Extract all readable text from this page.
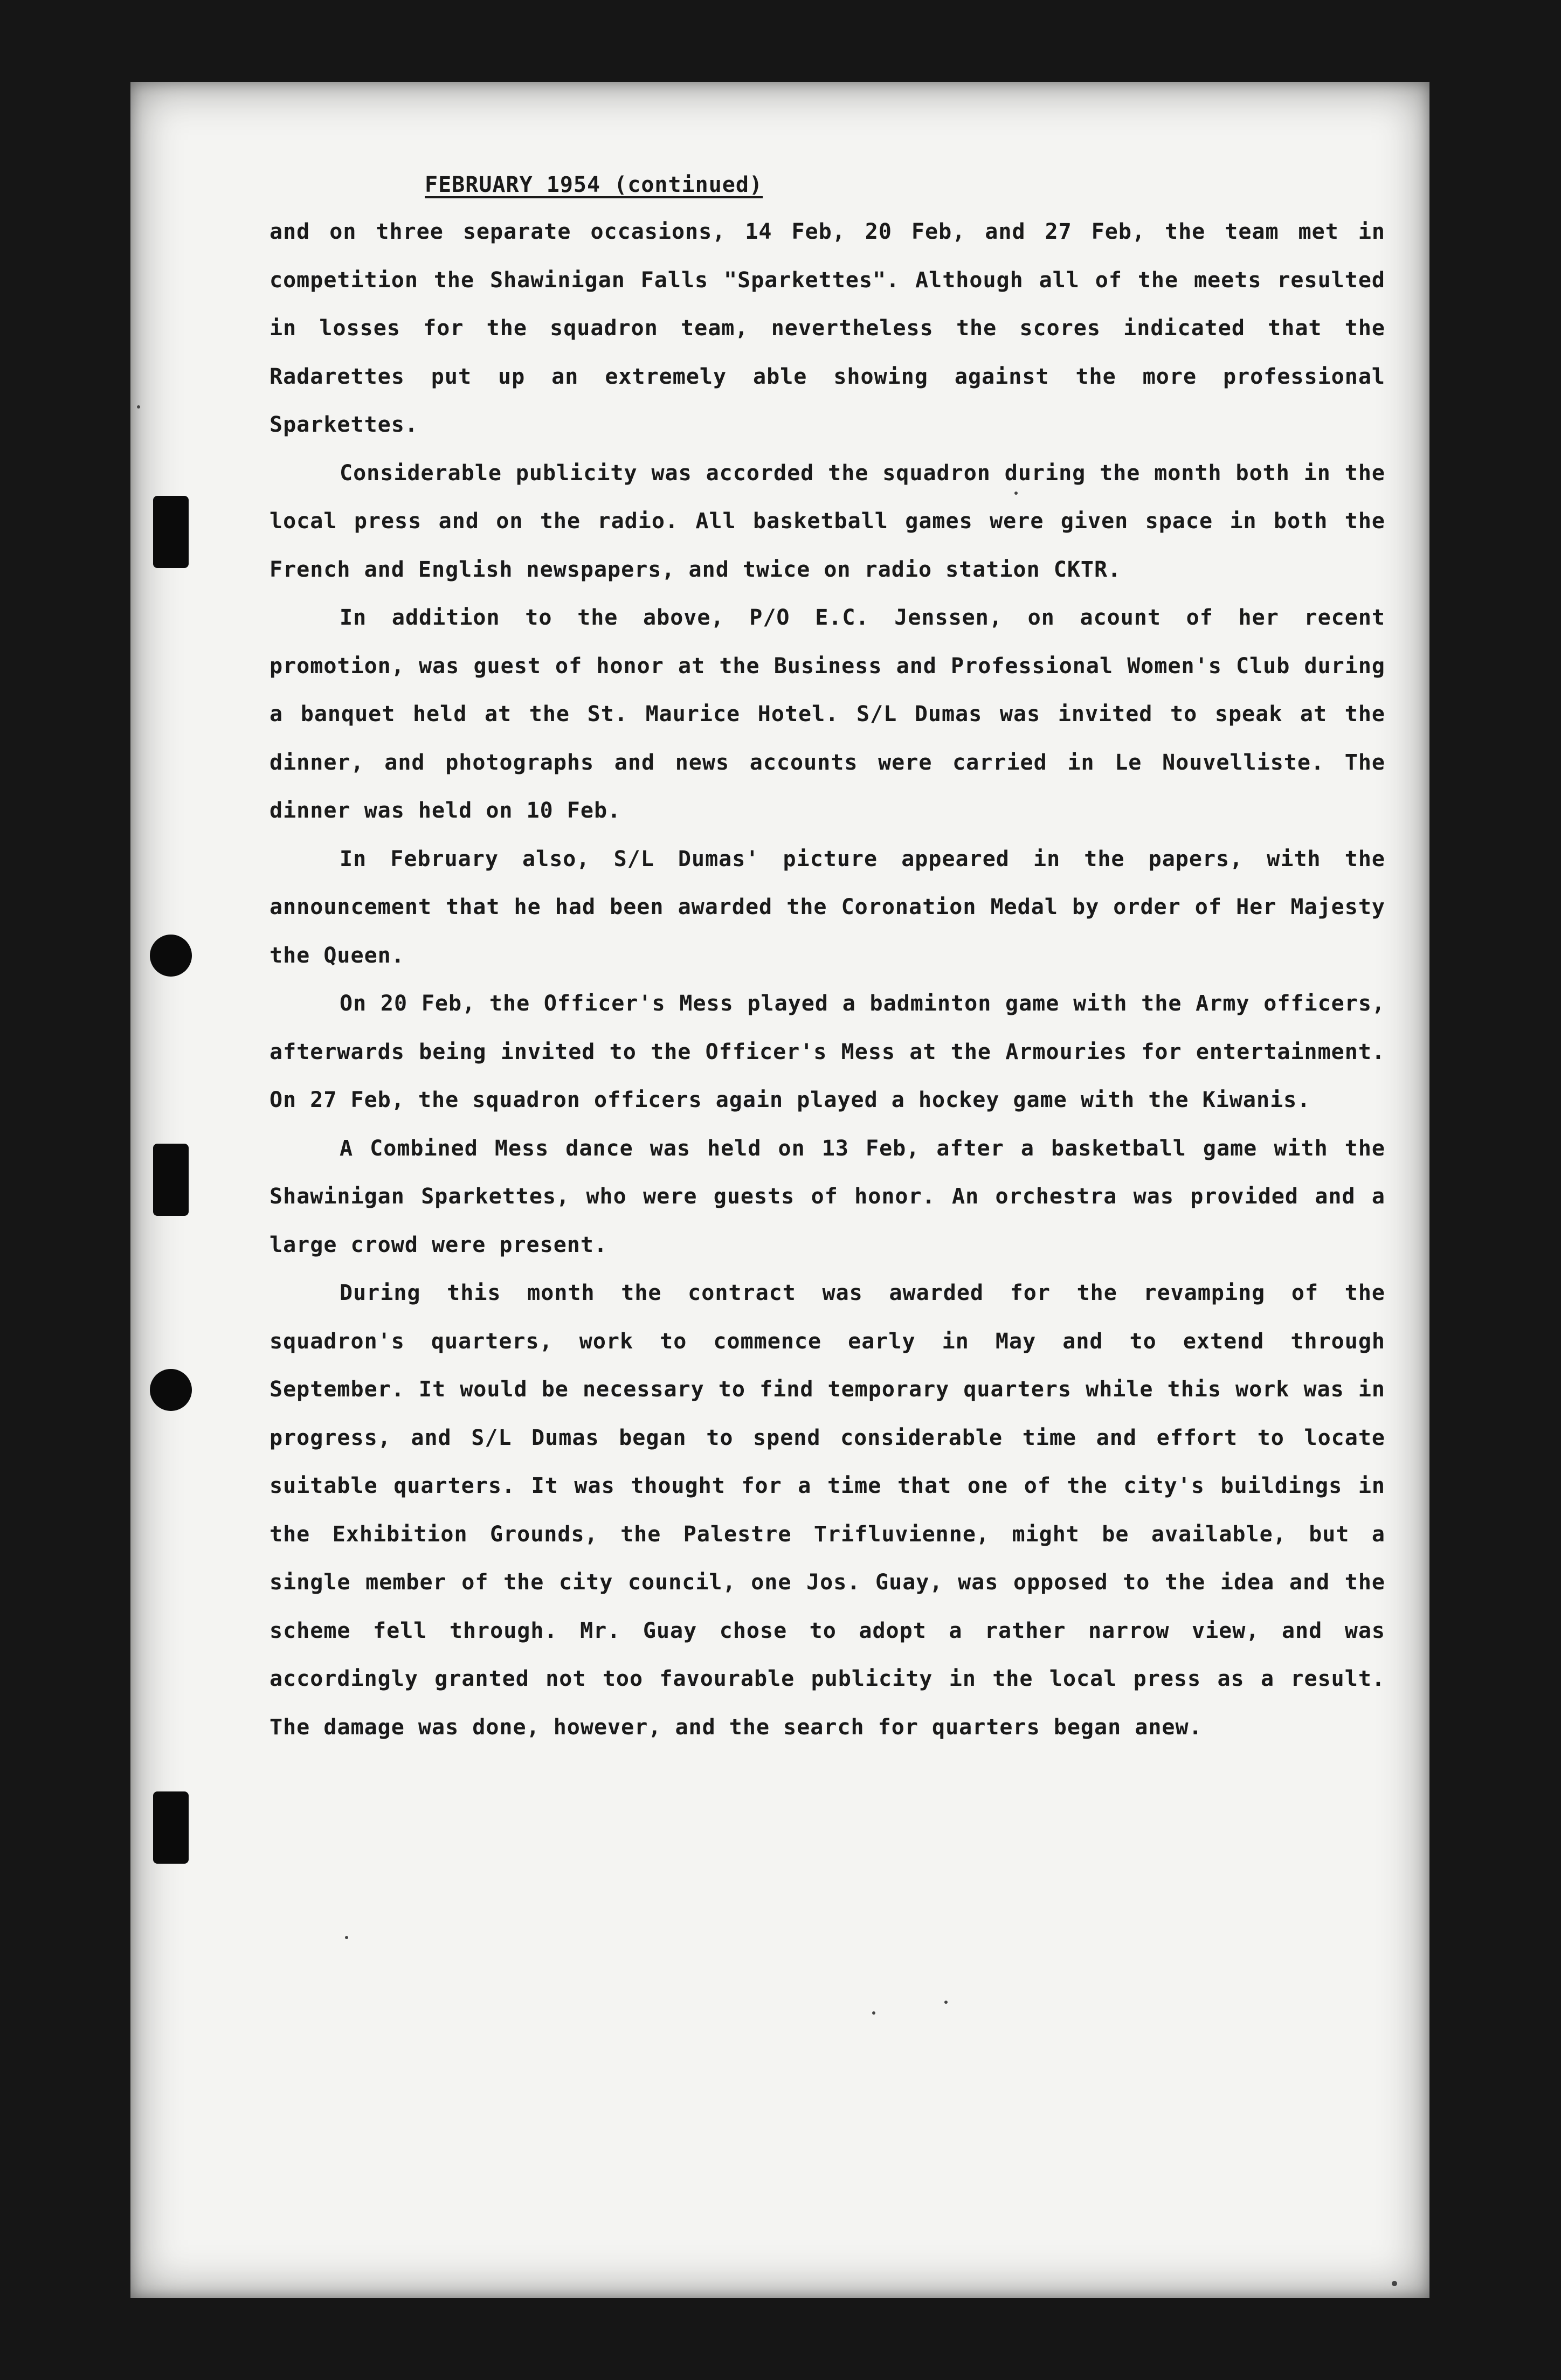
FEBRUARY 1954 (continued)

and on three separate occasions, 14 Feb, 20 Feb, and 27 Feb, the team met in competition the Shawinigan Falls "Sparkettes". Although all of the meets resulted in losses for the squadron team, nevertheless the scores indicated that the Radarettes put up an extremely able showing against the more professional Sparkettes.

Considerable publicity was accorded the squadron during the month both in the local press and on the radio. All basketball games were given space in both the French and English newspapers, and twice on radio station CKTR.

In addition to the above, P/O E.C. Jenssen, on acount of her recent promotion, was guest of honor at the Business and Professional Women's Club during a banquet held at the St. Maurice Hotel. S/L Dumas was invited to speak at the dinner, and photographs and news accounts were carried in Le Nouvelliste. The dinner was held on 10 Feb.

In February also, S/L Dumas' picture appeared in the papers, with the announcement that he had been awarded the Coronation Medal by order of Her Majesty the Queen.

On 20 Feb, the Officer's Mess played a badminton game with the Army officers, afterwards being invited to the Officer's Mess at the Armouries for entertainment. On 27 Feb, the squadron officers again played a hockey game with the Kiwanis.

A Combined Mess dance was held on 13 Feb, after a basketball game with the Shawinigan Sparkettes, who were guests of honor. An orchestra was provided and a large crowd were present.

During this month the contract was awarded for the revamping of the squadron's quarters, work to commence early in May and to extend through September. It would be necessary to find temporary quarters while this work was in progress, and S/L Dumas began to spend considerable time and effort to locate suitable quarters. It was thought for a time that one of the city's buildings in the Exhibition Grounds, the Palestre Trifluvienne, might be available, but a single member of the city council, one Jos. Guay, was opposed to the idea and the scheme fell through. Mr. Guay chose to adopt a rather narrow view, and was accordingly granted not too favourable publicity in the local press as a result. The damage was done, however, and the search for quarters began anew.
